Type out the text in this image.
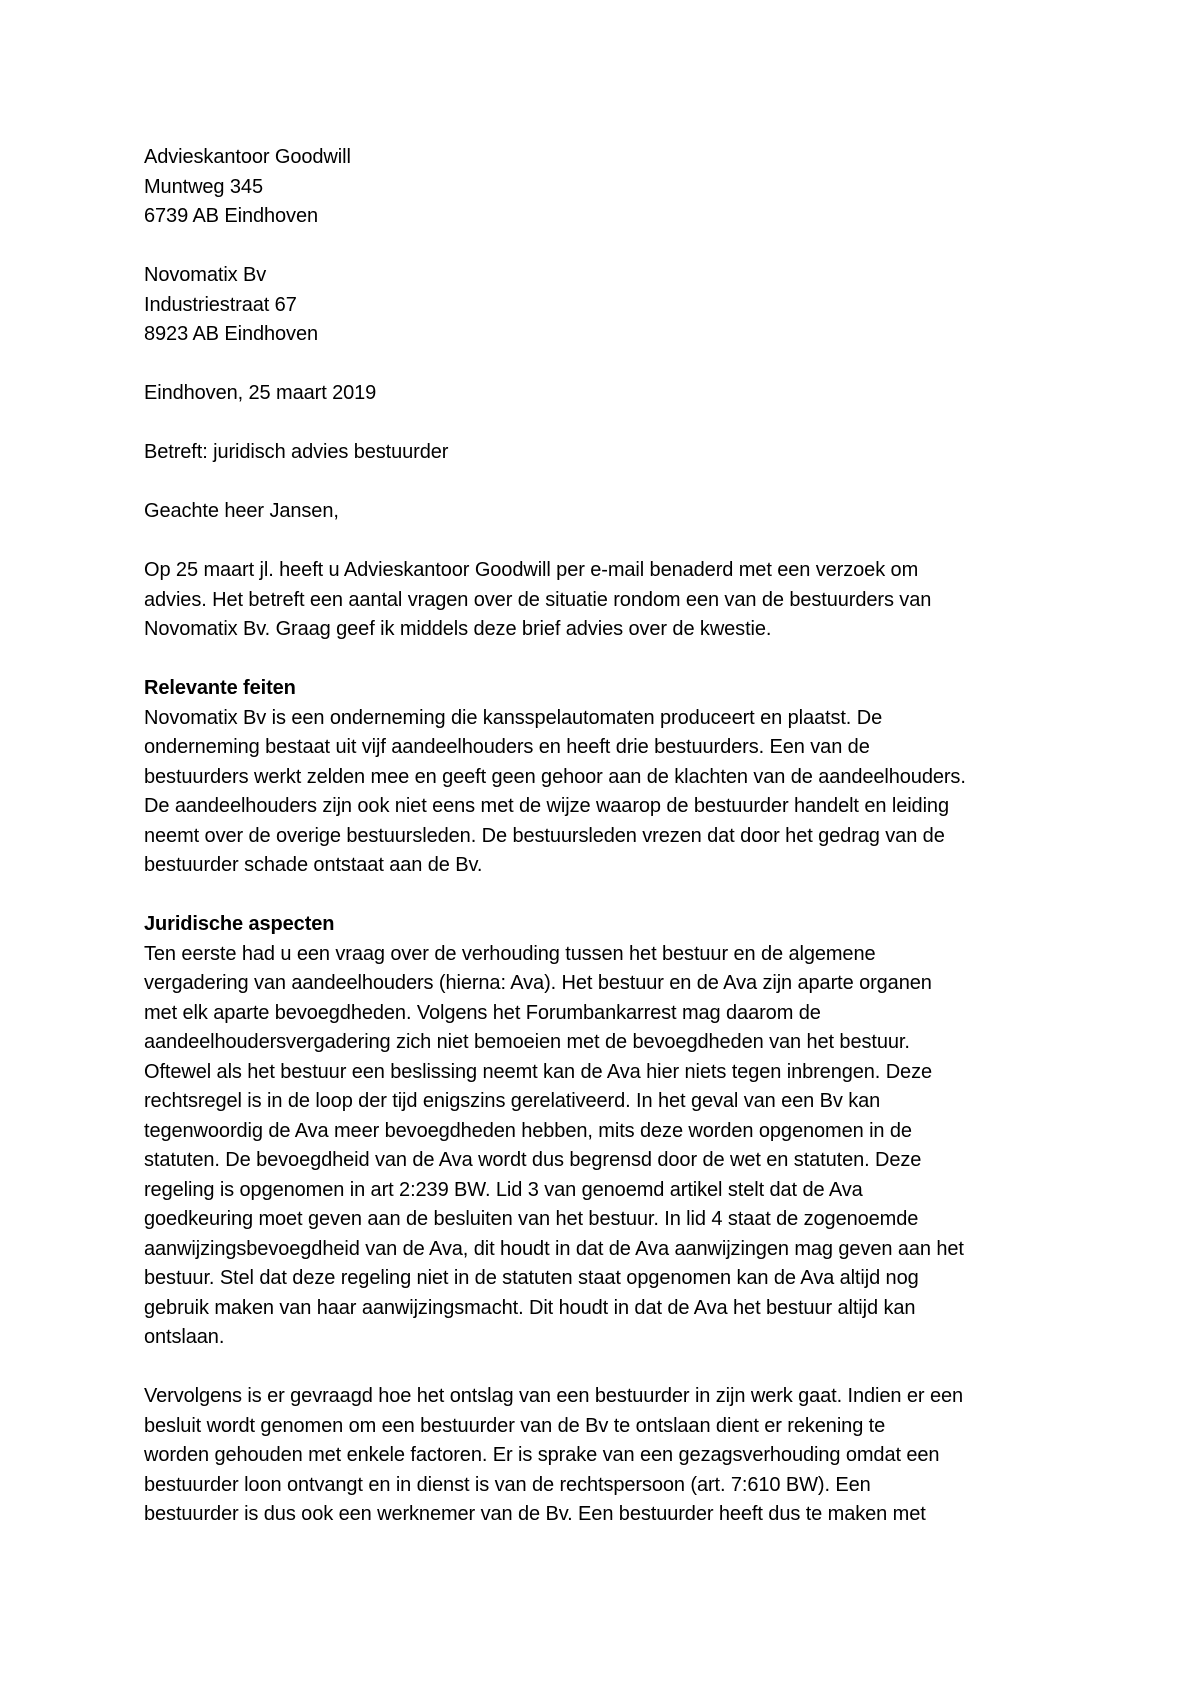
Advieskantoor Goodwill
Muntweg 345
6739 AB Eindhoven
Novomatix Bv
Industriestraat 67
8923 AB Eindhoven
Eindhoven, 25 maart 2019
Betreft: juridisch advies bestuurder
Geachte heer Jansen,
Op 25 maart jl. heeft u Advieskantoor Goodwill per e-mail benaderd met een verzoek om
advies. Het betreft een aantal vragen over de situatie rondom een van de bestuurders van
Novomatix Bv. Graag geef ik middels deze brief advies over de kwestie.
Relevante feiten
Novomatix Bv is een onderneming die kansspelautomaten produceert en plaatst. De
onderneming bestaat uit vijf aandeelhouders en heeft drie bestuurders. Een van de
bestuurders werkt zelden mee en geeft geen gehoor aan de klachten van de aandeelhouders.
De aandeelhouders zijn ook niet eens met de wijze waarop de bestuurder handelt en leiding
neemt over de overige bestuursleden. De bestuursleden vrezen dat door het gedrag van de
bestuurder schade ontstaat aan de Bv.
Juridische aspecten
Ten eerste had u een vraag over de verhouding tussen het bestuur en de algemene
vergadering van aandeelhouders (hierna: Ava). Het bestuur en de Ava zijn aparte organen
met elk aparte bevoegdheden. Volgens het Forumbankarrest mag daarom de
aandeelhoudersvergadering zich niet bemoeien met de bevoegdheden van het bestuur.
Oftewel als het bestuur een beslissing neemt kan de Ava hier niets tegen inbrengen. Deze
rechtsregel is in de loop der tijd enigszins gerelativeerd. In het geval van een Bv kan
tegenwoordig de Ava meer bevoegdheden hebben, mits deze worden opgenomen in de
statuten. De bevoegdheid van de Ava wordt dus begrensd door de wet en statuten. Deze
regeling is opgenomen in art 2:239 BW. Lid 3 van genoemd artikel stelt dat de Ava
goedkeuring moet geven aan de besluiten van het bestuur. In lid 4 staat de zogenoemde
aanwijzingsbevoegdheid van de Ava, dit houdt in dat de Ava aanwijzingen mag geven aan het
bestuur. Stel dat deze regeling niet in de statuten staat opgenomen kan de Ava altijd nog
gebruik maken van haar aanwijzingsmacht. Dit houdt in dat de Ava het bestuur altijd kan
ontslaan.
Vervolgens is er gevraagd hoe het ontslag van een bestuurder in zijn werk gaat. Indien er een
besluit wordt genomen om een bestuurder van de Bv te ontslaan dient er rekening te
worden gehouden met enkele factoren. Er is sprake van een gezagsverhouding omdat een
bestuurder loon ontvangt en in dienst is van de rechtspersoon (art. 7:610 BW). Een
bestuurder is dus ook een werknemer van de Bv. Een bestuurder heeft dus te maken met
